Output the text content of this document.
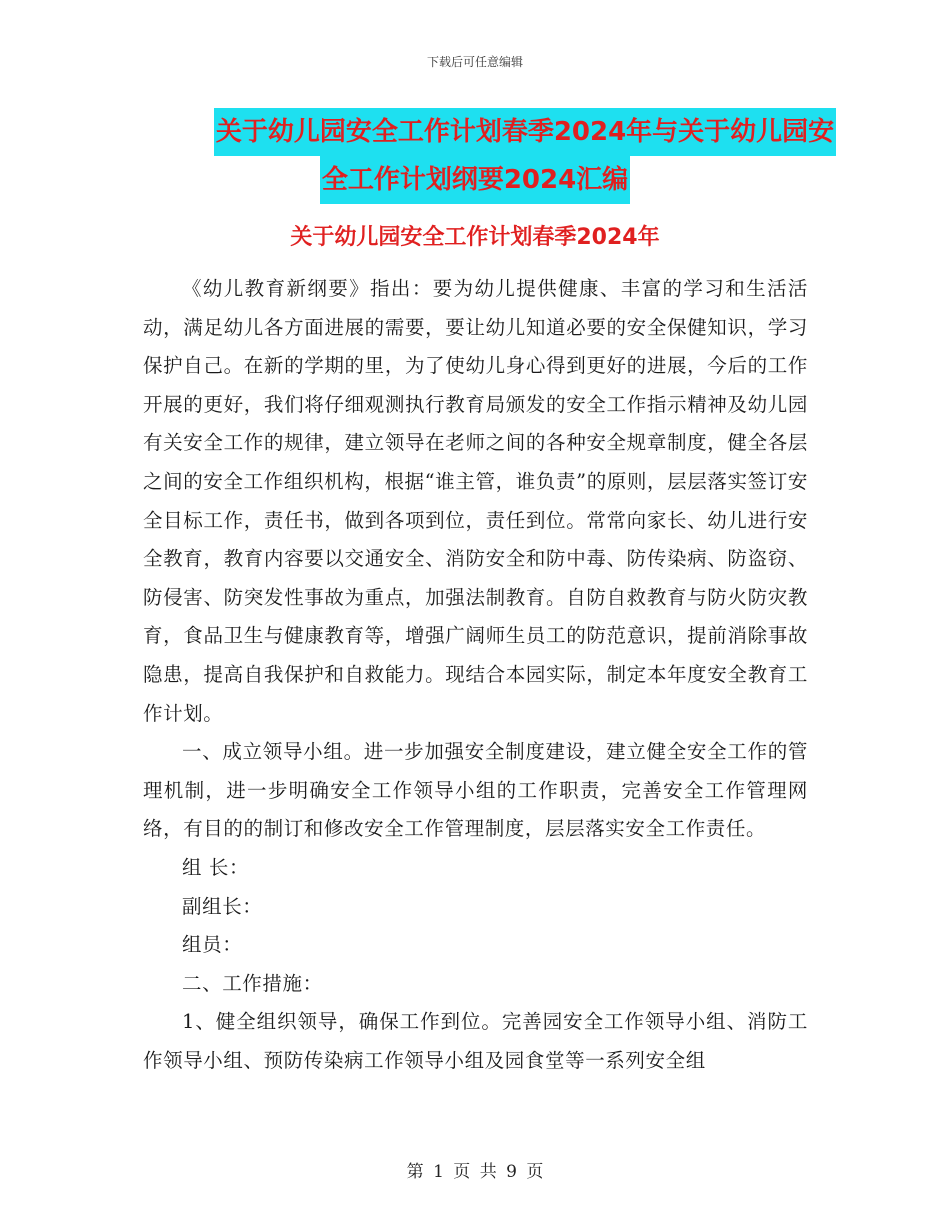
下载后可任意编辑
关于幼儿园安全工作计划春季2024年与关于幼儿园安
全工作计划纲要2024汇编
关于幼儿园安全工作计划春季2024年

《幼儿教育新纲要》指出：要为幼儿提供健康、丰富的学习和生活活动，满足幼儿各方面进展的需要，要让幼儿知道必要的安全保健知识，学习保护自己。在新的学期的里，为了使幼儿身心得到更好的进展，今后的工作开展的更好，我们将仔细观测执行教育局颁发的安全工作指示精神及幼儿园有关安全工作的规律，建立领导在老师之间的各种安全规章制度，健全各层之间的安全工作组织机构，根据“谁主管，谁负责”的原则，层层落实签订安全目标工作，责任书，做到各项到位，责任到位。常常向家长、幼儿进行安全教育，教育内容要以交通安全、消防安全和防中毒、防传染病、防盗窃、防侵害、防突发性事故为重点，加强法制教育。自防自救教育与防火防灾教育，食品卫生与健康教育等，增强广阔师生员工的防范意识，提前消除事故隐患，提高自我保护和自救能力。现结合本园实际，制定本年度安全教育工作计划。

一、成立领导小组。进一步加强安全制度建设，建立健全安全工作的管理机制，进一步明确安全工作领导小组的工作职责，完善安全工作管理网络，有目的的制订和修改安全工作管理制度，层层落实安全工作责任。

组 长：

副组长：

组员：

二、工作措施：

1、健全组织领导，确保工作到位。完善园安全工作领导小组、消防工作领导小组、预防传染病工作领导小组及园食堂等一系列安全组

第 1 页 共 9 页
